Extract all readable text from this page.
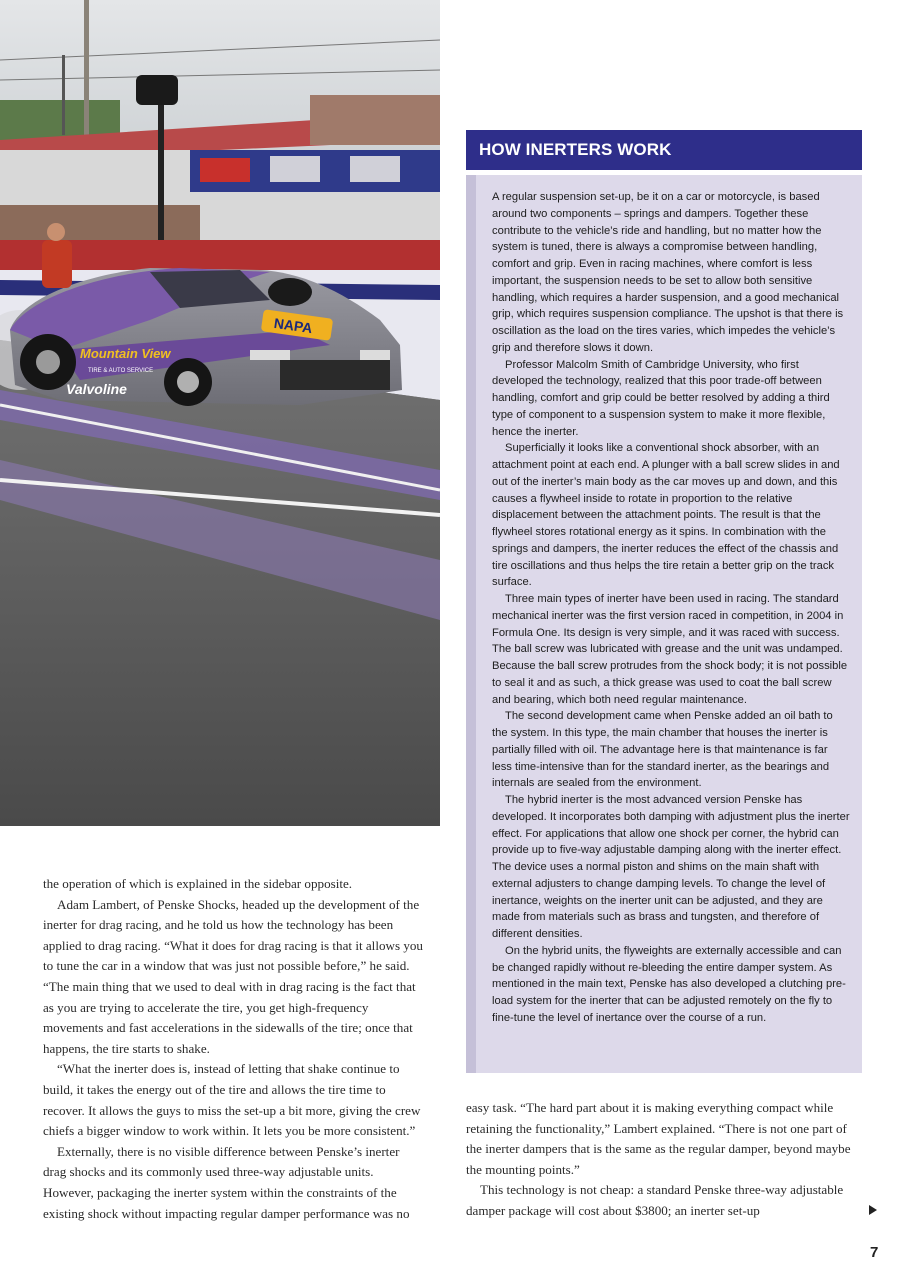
NAPA
Mountain View
TIRE & AUTO SERVICE
Valvoline
HOW INERTERS WORK

A regular suspension set-up, be it on a car or motorcycle, is based around two components – springs and dampers. Together these contribute to the vehicle’s ride and handling, but no matter how the system is tuned, there is always a compromise between handling, comfort and grip. Even in racing machines, where comfort is less important, the suspension needs to be set to allow both sensitive handling, which requires a harder suspension, and a good mechanical grip, which requires suspension compliance. The upshot is that there is oscillation as the load on the tires varies, which impedes the vehicle’s grip and therefore slows it down.

Professor Malcolm Smith of Cambridge University, who first developed the technology, realized that this poor trade-off between handling, comfort and grip could be better resolved by adding a third type of component to a suspension system to make it more flexible, hence the inerter.

Superficially it looks like a conventional shock absorber, with an attachment point at each end. A plunger with a ball screw slides in and out of the inerter’s main body as the car moves up and down, and this causes a flywheel inside to rotate in proportion to the relative displacement between the attachment points. The result is that the flywheel stores rotational energy as it spins. In combination with the springs and dampers, the inerter reduces the effect of the chassis and tire oscillations and thus helps the tire retain a better grip on the track surface.

Three main types of inerter have been used in racing. The standard mechanical inerter was the first version raced in competition, in 2004 in Formula One. Its design is very simple, and it was raced with success. The ball screw was lubricated with grease and the unit was undamped. Because the ball screw protrudes from the shock body; it is not possible to seal it and as such, a thick grease was used to coat the ball screw and bearing, which both need regular maintenance.

The second development came when Penske added an oil bath to the system. In this type, the main chamber that houses the inerter is partially filled with oil. The advantage here is that maintenance is far less time-intensive than for the standard inerter, as the bearings and internals are sealed from the environment.

The hybrid inerter is the most advanced version Penske has developed. It incorporates both damping with adjustment plus the inerter effect. For applications that allow one shock per corner, the hybrid can provide up to five-way adjustable damping along with the inerter effect. The device uses a normal piston and shims on the main shaft with external adjusters to change damping levels. To change the level of inertance, weights on the inerter unit can be adjusted, and they are made from materials such as brass and tungsten, and therefore of different densities.

On the hybrid units, the flyweights are externally accessible and can be changed rapidly without re-bleeding the entire damper system. As mentioned in the main text, Penske has also developed a clutching pre-load system for the inerter that can be adjusted remotely on the fly to fine-tune the level of inertance over the course of a run.

the operation of which is explained in the sidebar opposite.

Adam Lambert, of Penske Shocks, headed up the development of the inerter for drag racing, and he told us how the technology has been applied to drag racing. “What it does for drag racing is that it allows you to tune the car in a window that was just not possible before,” he said. “The main thing that we used to deal with in drag racing is the fact that as you are trying to accelerate the tire, you get high-frequency movements and fast accelerations in the sidewalls of the tire; once that happens, the tire starts to shake.

“What the inerter does is, instead of letting that shake continue to build, it takes the energy out of the tire and allows the tire time to recover. It allows the guys to miss the set-up a bit more, giving the crew chiefs a bigger window to work within. It lets you be more consistent.”

Externally, there is no visible difference between Penske’s inerter drag shocks and its commonly used three-way adjustable units. However, packaging the inerter system within the constraints of the existing shock without impacting regular damper performance was no

easy task. “The hard part about it is making everything compact while retaining the functionality,” Lambert explained. “There is not one part of the inerter dampers that is the same as the regular damper, beyond maybe the mounting points.”

This technology is not cheap: a standard Penske three-way adjustable damper package will cost about $3800; an inerter set-up

7
